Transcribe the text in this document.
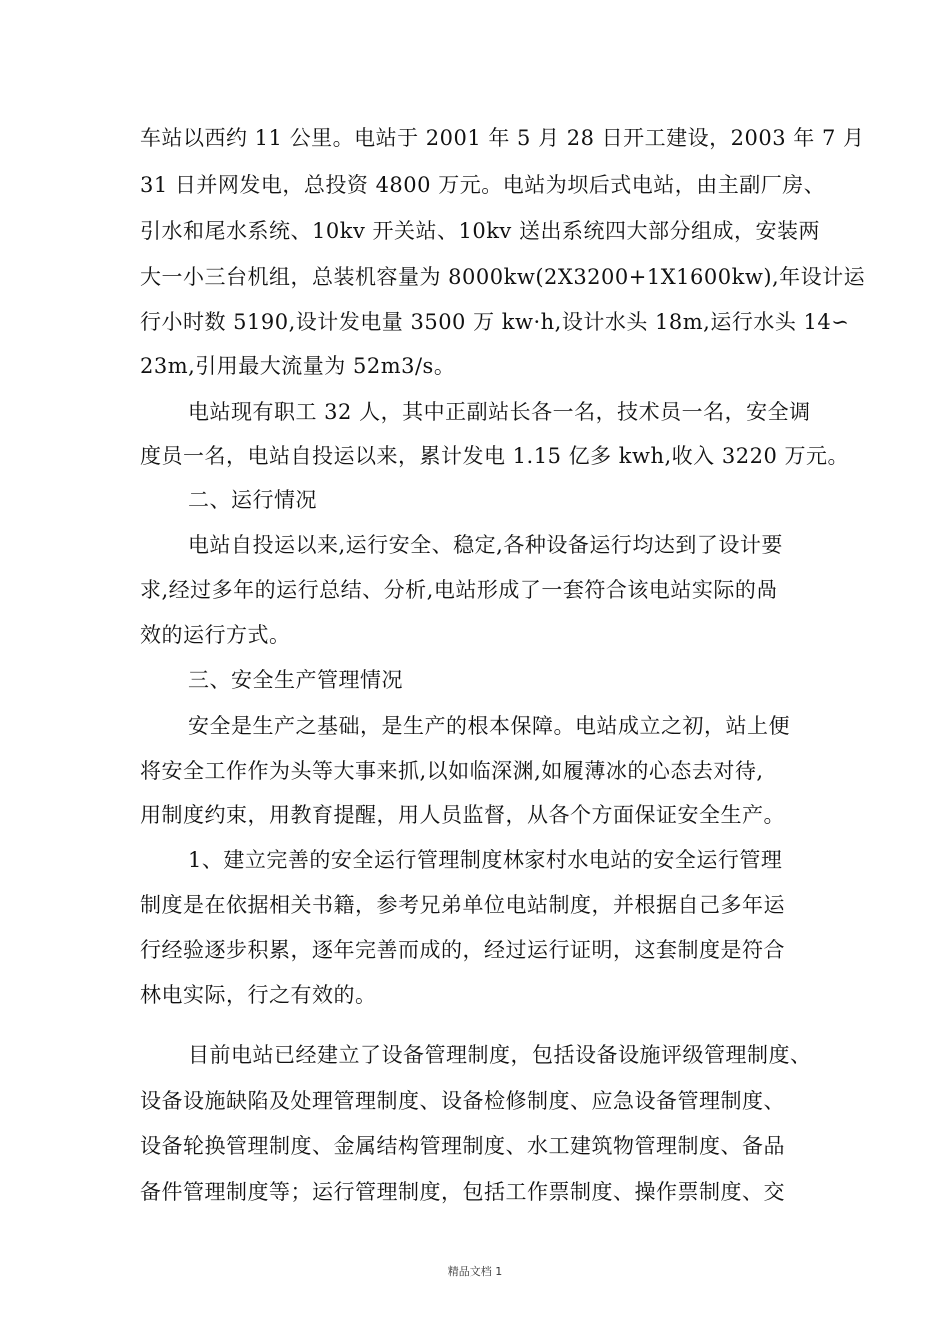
车站以西约 11 公里。电站于 2001 年 5 月 28 日开工建设，2003 年 7 月
31 日并网发电，总投资 4800 万元。电站为坝后式电站，由主副厂房、
引水和尾水系统、10kv 开关站、10kv 送出系统四大部分组成，安装两
大一小三台机组，总装机容量为 8000kw(2X3200+1X1600kw),年设计运
行小时数 5190,设计发电量 3500 万 kw·h,设计水头 18m,运行水头 14∽
23m,引用最大流量为 52m3/s。
电站现有职工 32 人，其中正副站长各一名，技术员一名，安全调
度员一名，电站自投运以来，累计发电 1.15 亿多 kwh,收入 3220 万元。
二、运行情况
电站自投运以来,运行安全、稳定,各种设备运行均达到了设计要
求,经过多年的运行总结、分析,电站形成了一套符合该电站实际的咼
效的运行方式。
三、安全生产管理情况
安全是生产之基础，是生产的根本保障。电站成立之初，站上便
将安全工作作为头等大事来抓,以如临深渊,如履薄冰的心态去对待,
用制度约束，用教育提醒，用人员监督，从各个方面保证安全生产。
1、建立完善的安全运行管理制度林家村水电站的安全运行管理
制度是在依据相关书籍，参考兄弟单位电站制度，并根据自己多年运
行经验逐步积累，逐年完善而成的，经过运行证明，这套制度是符合
林电实际，行之有效的。
目前电站已经建立了设备管理制度，包括设备设施评级管理制度、
设备设施缺陷及处理管理制度、设备检修制度、应急设备管理制度、
设备轮换管理制度、金属结构管理制度、水工建筑物管理制度、备品
备件管理制度等；运行管理制度，包括工作票制度、操作票制度、交
精品文档 1
